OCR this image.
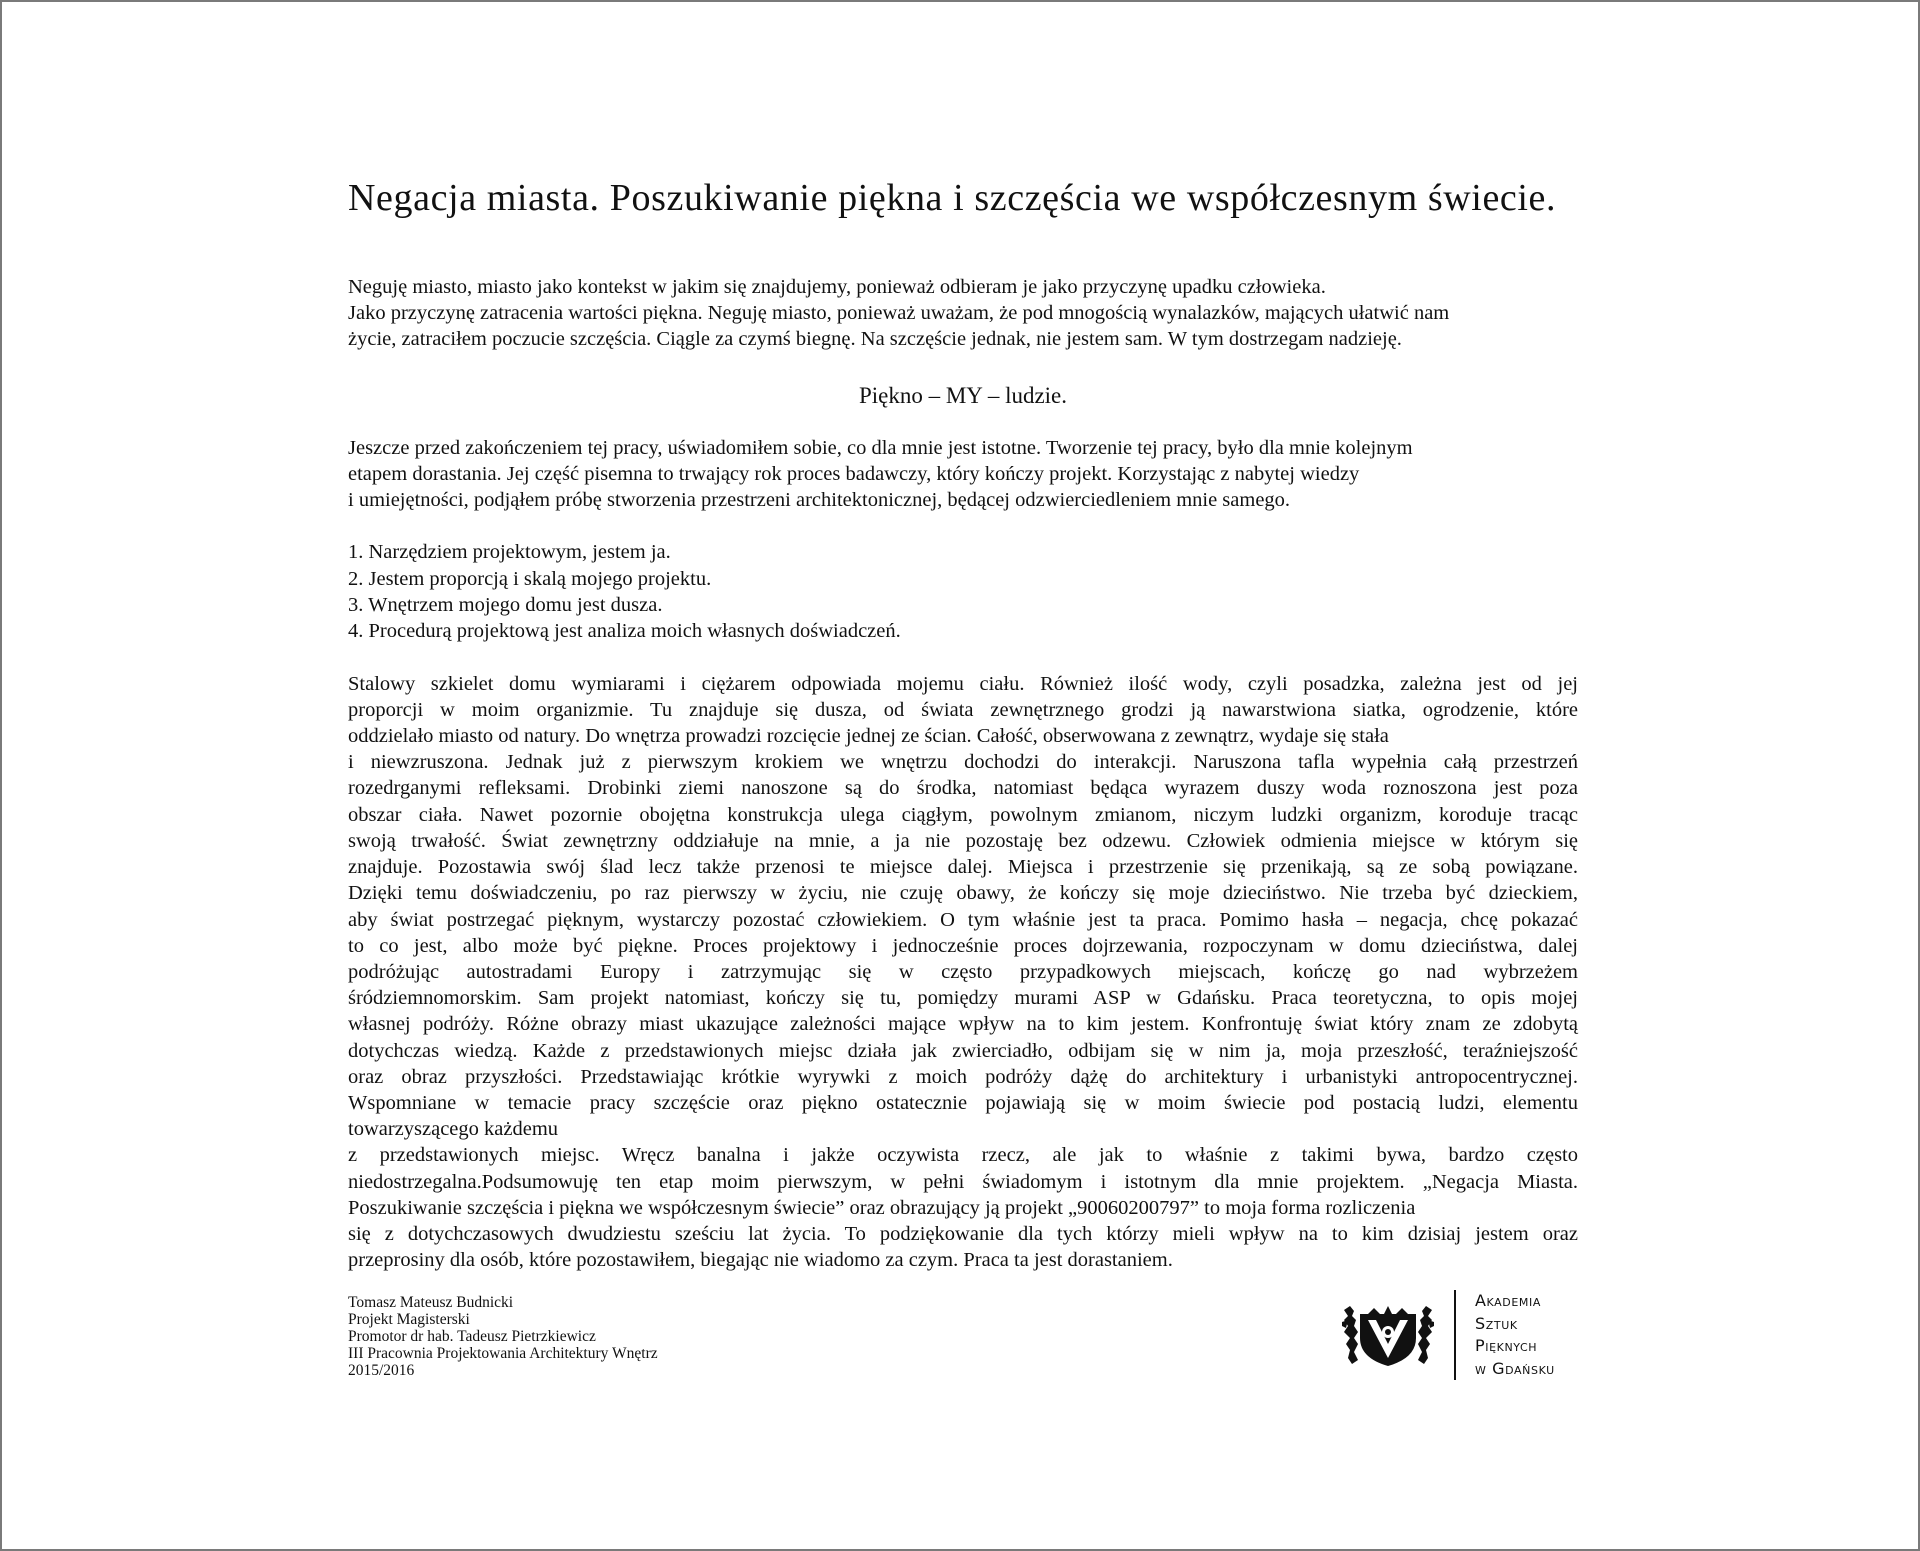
Negacja miasta. Poszukiwanie piękna i szczęścia we współczesnym świecie.

Neguję miasto, miasto jako kontekst w jakim się znajdujemy, ponieważ odbieram je jako przyczynę upadku człowieka.

Jako przyczynę zatracenia wartości piękna. Neguję miasto, ponieważ uważam, że pod mnogością wynalazków, mających ułatwić nam

życie, zatraciłem poczucie szczęścia. Ciągle za czymś biegnę. Na szczęście jednak, nie jestem sam. W tym dostrzegam nadzieję.

Piękno – MY – ludzie.

Jeszcze przed zakończeniem tej pracy, uświadomiłem sobie, co dla mnie jest istotne. Tworzenie tej pracy, było dla mnie kolejnym

etapem dorastania. Jej część pisemna to trwający rok proces badawczy, który kończy projekt. Korzystając z nabytej wiedzy

i umiejętności, podjąłem próbę stworzenia przestrzeni architektonicznej, będącej odzwierciedleniem mnie samego.

1. Narzędziem projektowym, jestem ja.
2. Jestem proporcją i skalą mojego projektu.
3. Wnętrzem mojego domu jest dusza.
4. Procedurą projektową jest analiza moich własnych doświadczeń.

Stalowy szkielet domu wymiarami i ciężarem odpowiada mojemu ciału. Również ilość wody, czyli posadzka, zależna jest od jej

proporcji w moim organizmie. Tu znajduje się dusza, od świata zewnętrznego grodzi ją nawarstwiona siatka, ogrodzenie, które

oddzielało miasto od natury. Do wnętrza prowadzi rozcięcie jednej ze ścian. Całość, obserwowana z zewnątrz, wydaje się stała

i niewzruszona. Jednak już z pierwszym krokiem we wnętrzu dochodzi do interakcji. Naruszona tafla wypełnia całą przestrzeń

rozedrganymi refleksami. Drobinki ziemi nanoszone są do środka, natomiast będąca wyrazem duszy woda roznoszona jest poza

obszar ciała. Nawet pozornie obojętna konstrukcja ulega ciągłym, powolnym zmianom, niczym ludzki organizm, koroduje tracąc

swoją trwałość. Świat zewnętrzny oddziałuje na mnie, a ja nie pozostaję bez odzewu. Człowiek odmienia miejsce w którym się

znajduje. Pozostawia swój ślad lecz także przenosi te miejsce dalej. Miejsca i przestrzenie się przenikają, są ze sobą powiązane.

Dzięki temu doświadczeniu, po raz pierwszy w życiu, nie czuję obawy, że kończy się moje dzieciństwo. Nie trzeba być dzieckiem,

aby świat postrzegać pięknym, wystarczy pozostać człowiekiem. O tym właśnie jest ta praca. Pomimo hasła – negacja, chcę pokazać

to co jest, albo może być piękne. Proces projektowy i jednocześnie proces dojrzewania, rozpoczynam w domu dzieciństwa, dalej

podróżując autostradami Europy i zatrzymując się w często przypadkowych miejscach, kończę go nad wybrzeżem

śródziemnomorskim. Sam projekt natomiast, kończy się tu, pomiędzy murami ASP w Gdańsku. Praca teoretyczna, to opis mojej

własnej podróży. Różne obrazy miast ukazujące zależności mające wpływ na to kim jestem. Konfrontuję świat który znam ze zdobytą

dotychczas wiedzą. Każde z przedstawionych miejsc działa jak zwierciadło, odbijam się w nim ja, moja przeszłość, teraźniejszość

oraz obraz przyszłości. Przedstawiając krótkie wyrywki z moich podróży dążę do architektury i urbanistyki antropocentrycznej.

Wspomniane w temacie pracy szczęście oraz piękno ostatecznie pojawiają się w moim świecie pod postacią ludzi, elementu

towarzyszącego każdemu

z przedstawionych miejsc. Wręcz banalna i jakże oczywista rzecz, ale jak to właśnie z takimi bywa, bardzo często

niedostrzegalna.Podsumowuję ten etap moim pierwszym, w pełni świadomym i istotnym dla mnie projektem. „Negacja Miasta.

Poszukiwanie szczęścia i piękna we współczesnym świecie” oraz obrazujący ją projekt „90060200797” to moja forma rozliczenia

się z dotychczasowych dwudziestu sześciu lat życia. To podziękowanie dla tych którzy mieli wpływ na to kim dzisiaj jestem oraz

przeprosiny dla osób, które pozostawiłem, biegając nie wiadomo za czym. Praca ta jest dorastaniem.

Tomasz Mateusz Budnicki
Projekt Magisterski
Promotor dr hab. Tadeusz Pietrzkiewicz
III Pracownia Projektowania Architektury Wnętrz
2015/2016
Akademia
Sztuk
Pięknych
w Gdańsku
